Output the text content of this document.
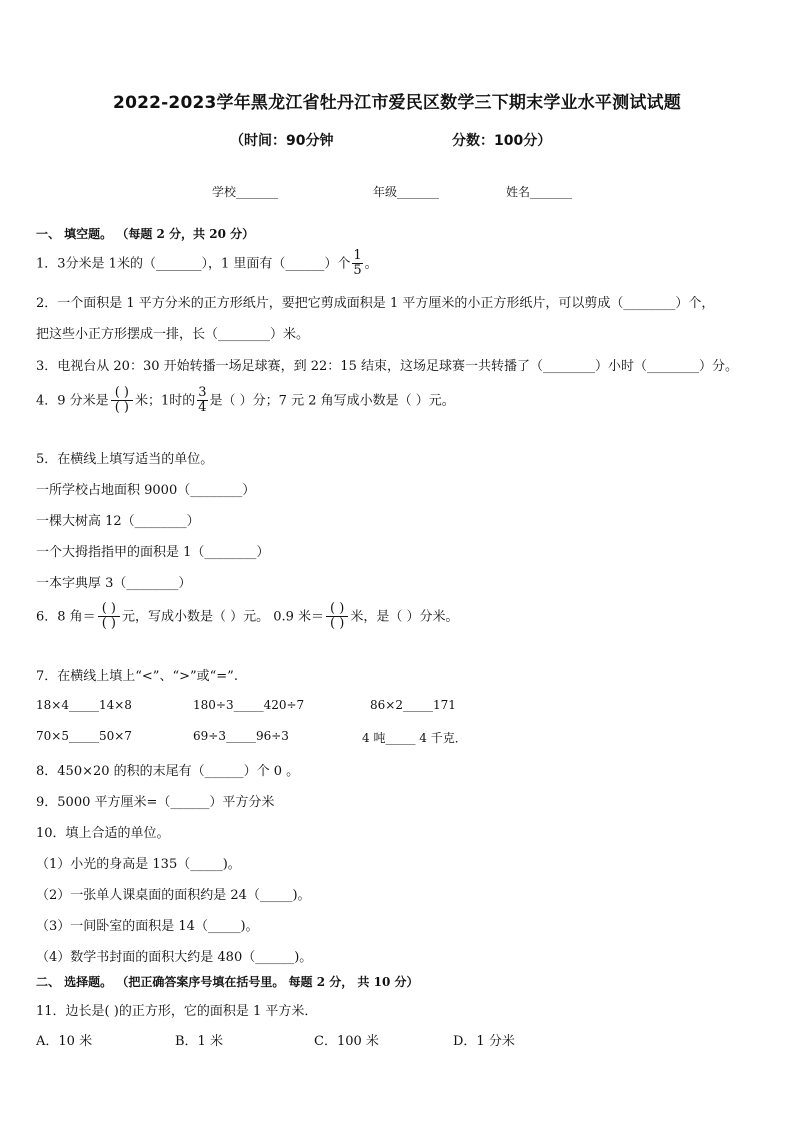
2022-2023学年黑龙江省牡丹江市爱民区数学三下期末学业水平测试试题
（时间：90分钟	分数：100分）
学校_______	年级_______	姓名_______
一、 填空题。 （每题 2 分，共 20 分）
1．3分米是 1米的（_______），1 里面有（______）个 $\frac{1}{5}$ 。
2．一个面积是 1 平方分米的正方形纸片，要把它剪成面积是 1 平方厘米的小正方形纸片，可以剪成（________）个，
把这些小正方形摆成一排，长（________）米。
3．电视台从 20：30 开始转播一场足球赛，到 22：15 结束，这场足球赛一共转播了（________）小时（________）分。
4．9 分米是 $\frac{( )}{( )}$ 米；1时的 $\frac{3}{4}$ 是（ ）分；7 元 2 角写成小数是（ ）元。
5．在横线上填写适当的单位。
一所学校占地面积 9000（________）
一棵大树高 12（________）
一个大拇指指甲的面积是 1（________）
一本字典厚 3（________）
6．8 角＝ $\frac{( )}{( )}$ 元，写成小数是（ ）元。 0.9 米＝ $\frac{( )}{( )}$ 米，是（ ）分米。
7．在横线上填上“<”、“>”或“=”.
18×4_____14×8	180÷3_____420÷7	86×2_____171
70×5_____50×7	69÷3_____96÷3	4 吨_____ 4 千克．
8．450×20 的积的末尾有（______）个 0 。
9．5000 平方厘米=（______）平方分米
10．填上合适的单位。
（1）小光的身高是 135（_____)。
（2）一张单人课桌面的面积约是 24（_____)。
（3）一间卧室的面积是 14（_____)。
（4）数学书封面的面积大约是 480（______)。
二、 选择题。 （把正确答案序号填在括号里。 每题 2 分， 共 10 分）
11．边长是( )的正方形，它的面积是 1 平方米．
A．10 米	B．1 米	C．100 米	D．1 分米
